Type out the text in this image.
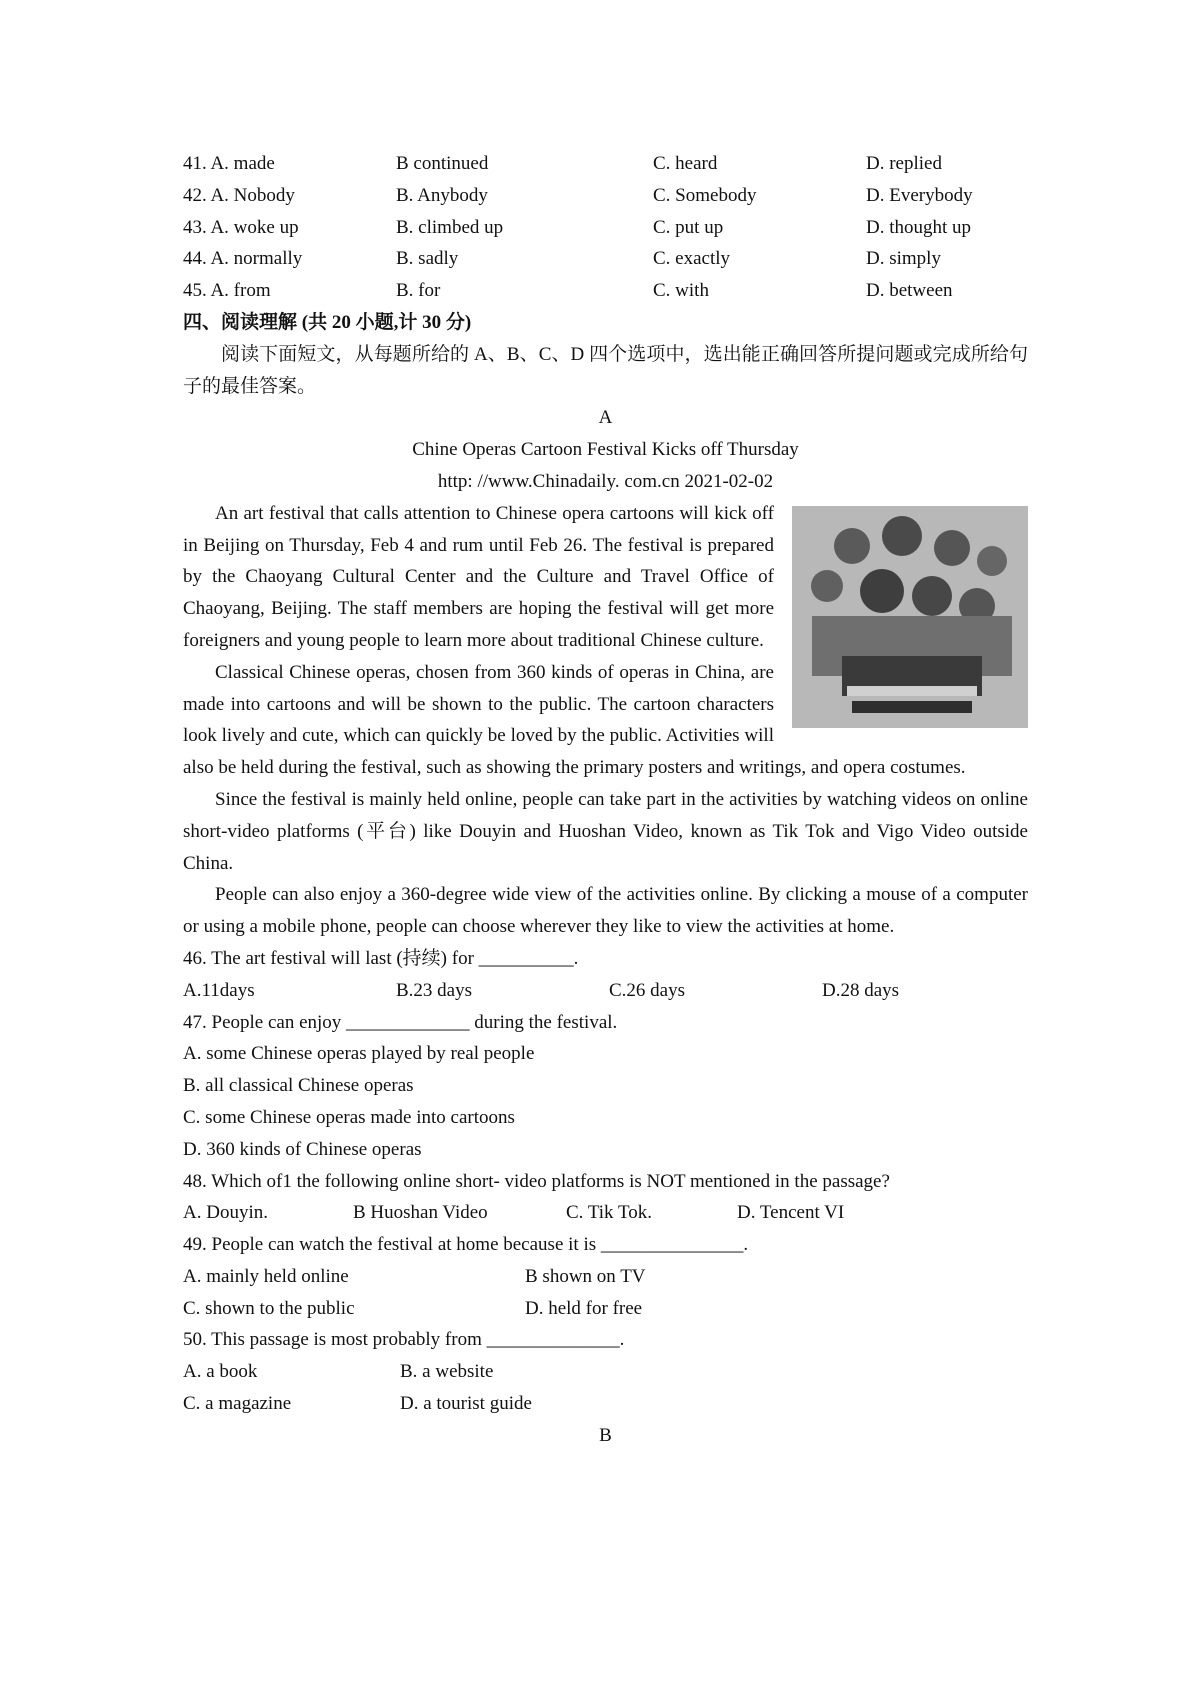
41. A. made	B continued	C. heard	D. replied
42. A. Nobody	B. Anybody	C. Somebody	D. Everybody
43. A. woke up	B. climbed up	C. put up	D. thought up
44. A. normally	B. sadly	C. exactly	D. simply
45. A. from	B. for	C. with	D. between
四、阅读理解 (共 20 小题,计 30 分)
阅读下面短文，从每题所给的 A、B、C、D 四个选项中，选出能正确回答所提问题或完成所给句子的最佳答案。
A
Chine Operas Cartoon Festival Kicks off Thursday
http: //www.Chinadaily. com.cn 2021-02-02
An art festival that calls attention to Chinese opera cartoons will kick off in Beijing on Thursday, Feb 4 and rum until Feb 26. The festival is prepared by the Chaoyang Cultural Center and the Culture and Travel Office of Chaoyang, Beijing. The staff members are hoping the festival will get more foreigners and young people to learn more about traditional Chinese culture.
Classical Chinese operas, chosen from 360 kinds of operas in China, are made into cartoons and will be shown to the public. The cartoon characters look lively and cute, which can quickly be loved by the public. Activities will also be held during the festival, such as showing the primary posters and writings, and opera costumes.
Since the festival is mainly held online, people can take part in the activities by watching videos on online short-video platforms (平台) like Douyin and Huoshan Video, known as Tik Tok and Vigo Video outside China.
People can also enjoy a 360-degree wide view of the activities online. By clicking a mouse of a computer or using a mobile phone, people can choose wherever they like to view the activities at home.
46. The art festival will last (持续) for __________.
A.11days	B.23 days	C.26 days	D.28 days
47. People can enjoy _____________ during the festival.
A. some Chinese operas played by real people
B. all classical Chinese operas
C. some Chinese operas made into cartoons
D. 360 kinds of Chinese operas
48. Which of1 the following online short- video platforms is NOT mentioned in the passage?
A. Douyin.	B Huoshan Video	C. Tik Tok.	D. Tencent VI
49. People can watch the festival at home because it is _______________.
A. mainly held online	B shown on TV
C. shown to the public	D. held for free
50. This passage is most probably from ______________.
A. a book	B. a website
C. a magazine	D. a tourist guide
B
